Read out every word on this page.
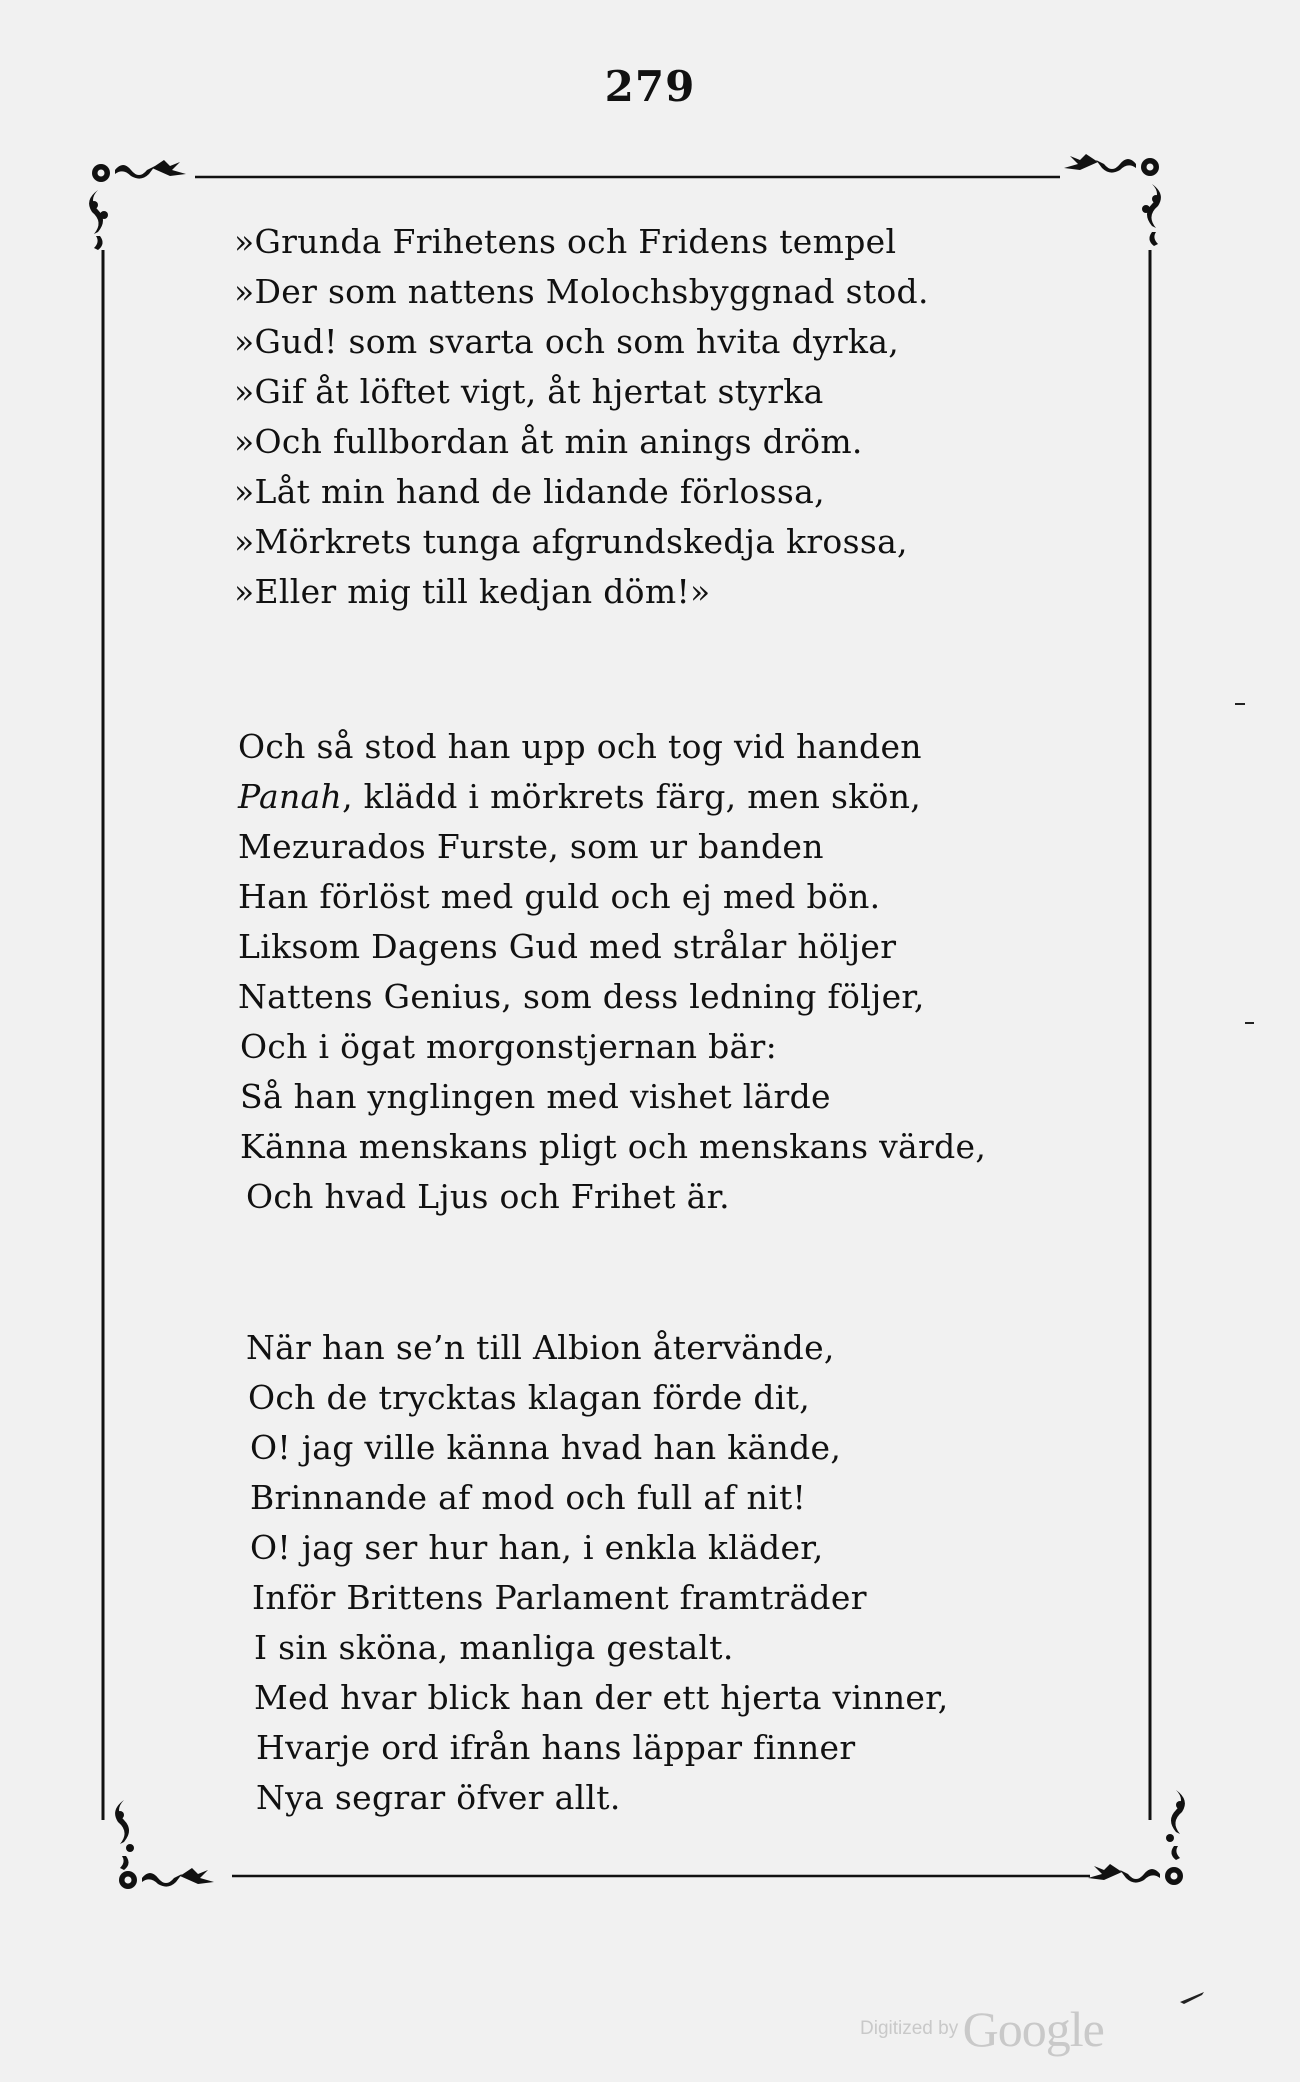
279
»Grunda Frihetens och Fridens tempel
»Der som nattens Molochsbyggnad stod.
»Gud! som svarta och som hvita dyrka,
»Gif åt löftet vigt, åt hjertat styrka
»Och fullbordan åt min anings dröm.
»Låt min hand de lidande förlossa,
»Mörkrets tunga afgrundskedja krossa,
»Eller mig till kedjan döm!»
Och så stod han upp och tog vid handen
Panah, klädd i mörkrets färg, men skön,
Mezurados Furste, som ur banden
Han förlöst med guld och ej med bön.
Liksom Dagens Gud med strålar höljer
Nattens Genius, som dess ledning följer,
Och i ögat morgonstjernan bär:
Så han ynglingen med vishet lärde
Känna menskans pligt och menskans värde,
Och hvad Ljus och Frihet är.
När han se’n till Albion återvände,
Och de trycktas klagan förde dit,
O! jag ville känna hvad han kände,
Brinnande af mod och full af nit!
O! jag ser hur han, i enkla kläder,
Inför Brittens Parlament framträder
I sin sköna, manliga gestalt.
Med hvar blick han der ett hjerta vinner,
Hvarje ord ifrån hans läppar finner
Nya segrar öfver allt.
Digitized by Google
